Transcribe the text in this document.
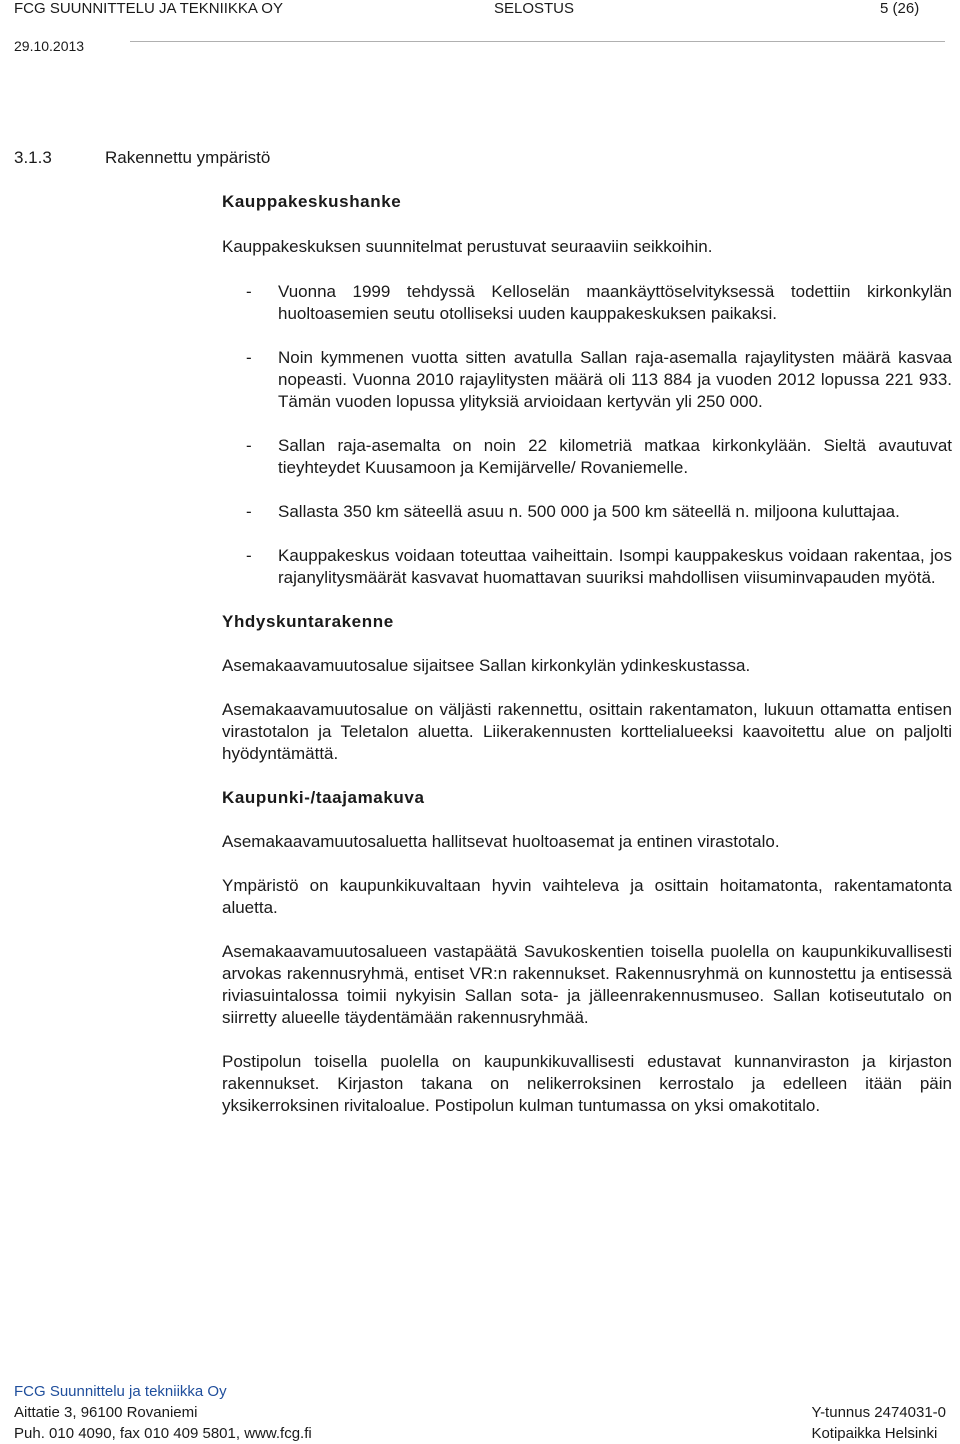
FCG SUUNNITTELU JA TEKNIIKKA OY	SELOSTUS	5 (26)
29.10.2013
3.1.3	Rakennettu ympäristö

Kauppakeskushanke

Kauppakeskuksen suunnitelmat perustuvat seuraaviin seikkoihin.

- Vuonna 1999 tehdyssä Kelloselän maankäyttöselvityksessä todettiin kirkonkylän huoltoasemien seutu otolliseksi uuden kauppakeskuksen paikaksi.
- Noin kymmenen vuotta sitten avatulla Sallan raja-asemalla rajaylitysten määrä kasvaa nopeasti. Vuonna 2010 rajaylitysten määrä oli 113 884 ja vuoden 2012 lopussa 221 933. Tämän vuoden lopussa ylityksiä arvioidaan kertyvän yli 250 000.
- Sallan raja-asemalta on noin 22 kilometriä matkaa kirkonkylään. Sieltä avautuvat tieyhteydet Kuusamoon ja Kemijärvelle/ Rovaniemelle.
- Sallasta 350 km säteellä asuu n. 500 000 ja 500 km säteellä n. miljoona kuluttajaa.
- Kauppakeskus voidaan toteuttaa vaiheittain. Isompi kauppakeskus voidaan rakentaa, jos rajanylitysmäärät kasvavat huomattavan suuriksi mahdollisen viisuminvapauden myötä.

Yhdyskuntarakenne

Asemakaavamuutosalue sijaitsee Sallan kirkonkylän ydinkeskustassa.

Asemakaavamuutosalue on väljästi rakennettu, osittain rakentamaton, lukuun ottamatta entisen virastotalon ja Teletalon aluetta. Liikerakennusten korttelialueeksi kaavoitettu alue on paljolti hyödyntämättä.

Kaupunki-/taajamakuva

Asemakaavamuutosaluetta hallitsevat huoltoasemat ja entinen virastotalo.

Ympäristö on kaupunkikuvaltaan hyvin vaihteleva ja osittain hoitamatonta, rakentamatonta aluetta.

Asemakaavamuutosalueen vastapäätä Savukoskentien toisella puolella on kaupunkikuvallisesti arvokas rakennusryhmä, entiset VR:n rakennukset. Rakennusryhmä on kunnostettu ja entisessä riviasuintalossa toimii nykyisin Sallan sota- ja jälleenrakennusmuseo. Sallan kotiseututalo on siirretty alueelle täydentämään rakennusryhmää.

Postipolun toisella puolella on kaupunkikuvallisesti edustavat kunnanviraston ja kirjaston rakennukset. Kirjaston takana on nelikerroksinen kerrostalo ja edelleen itään päin yksikerroksinen rivitaloalue. Postipolun kulman tuntumassa on yksi omakotitalo.

FCG Suunnittelu ja tekniikka Oy
Aittatie 3, 96100 Rovaniemi
Puh. 010 4090, fax 010 409 5801, www.fcg.fi
Y-tunnus 2474031-0
Kotipaikka Helsinki
